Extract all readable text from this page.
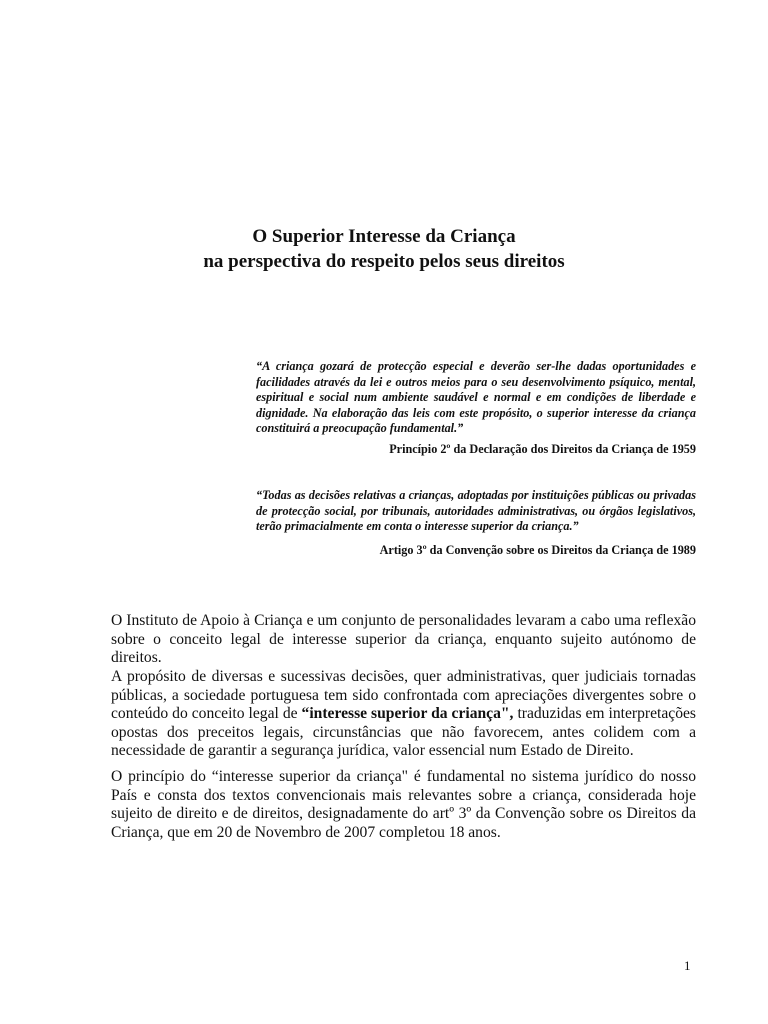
O Superior Interesse da Criança

na perspectiva do respeito pelos seus direitos

“A criança gozará de protecção especial e deverão ser-lhe dadas oportunidades e facilidades através da lei e outros meios para o seu desenvolvimento psíquico, mental, espiritual e social num ambiente saudável e normal e em condições de liberdade e dignidade. Na elaboração das leis com este propósito, o superior interesse da criança constituirá a preocupação fundamental.”

Princípio 2º da Declaração dos Direitos da Criança de 1959

“Todas as decisões relativas a crianças, adoptadas por instituições públicas ou privadas de protecção social, por tribunais, autoridades administrativas, ou órgãos legislativos, terão primacialmente em conta o interesse superior da criança.”

Artigo 3º da Convenção sobre os Direitos da Criança de 1989

O Instituto de Apoio à Criança e um conjunto de personalidades levaram a cabo uma reflexão sobre o conceito legal de interesse superior da criança, enquanto sujeito autónomo de direitos.

A propósito de diversas e sucessivas decisões, quer administrativas, quer judiciais tornadas públicas, a sociedade portuguesa tem sido confrontada com apreciações divergentes sobre o conteúdo do conceito legal de “interesse superior da criança", traduzidas em interpretações opostas dos preceitos legais, circunstâncias que não favorecem, antes colidem com a necessidade de garantir a segurança jurídica, valor essencial num Estado de Direito.

O princípio do “interesse superior da criança" é fundamental no sistema jurídico do nosso País e consta dos textos convencionais mais relevantes sobre a criança, considerada hoje sujeito de direito e de direitos, designadamente do artº 3º da Convenção sobre os Direitos da Criança, que em 20 de Novembro de 2007 completou 18 anos.

1
